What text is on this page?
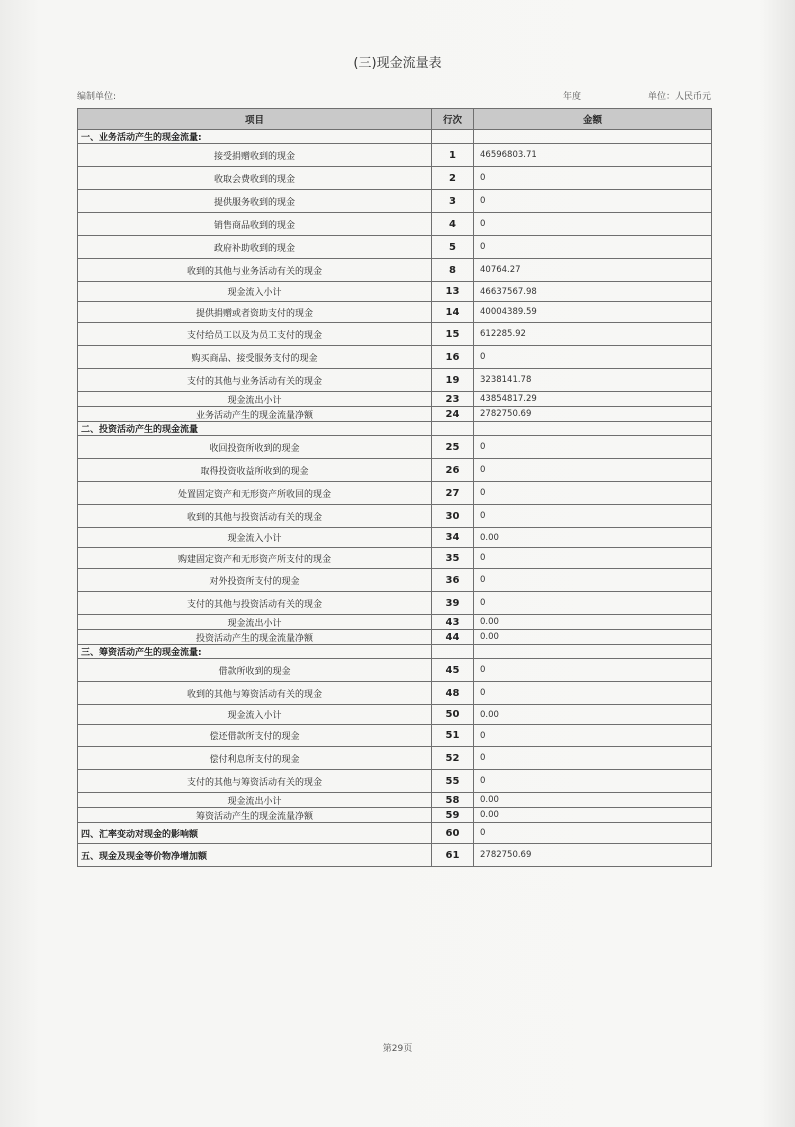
(三)现金流量表
编制单位:	年度	单位：人民币元
项目	行次	金额
一、业务活动产生的现金流量:		
接受捐赠收到的现金	1	46596803.71
收取会费收到的现金	2	0
提供服务收到的现金	3	0
销售商品收到的现金	4	0
政府补助收到的现金	5	0
收到的其他与业务活动有关的现金	8	40764.27
现金流入小计	13	46637567.98
提供捐赠或者资助支付的现金	14	40004389.59
支付给员工以及为员工支付的现金	15	612285.92
购买商品、接受服务支付的现金	16	0
支付的其他与业务活动有关的现金	19	3238141.78
现金流出小计	23	43854817.29
业务活动产生的现金流量净额	24	2782750.69
二、投资活动产生的现金流量		
收回投资所收到的现金	25	0
取得投资收益所收到的现金	26	0
处置固定资产和无形资产所收回的现金	27	0
收到的其他与投资活动有关的现金	30	0
现金流入小计	34	0.00
购建固定资产和无形资产所支付的现金	35	0
对外投资所支付的现金	36	0
支付的其他与投资活动有关的现金	39	0
现金流出小计	43	0.00
投资活动产生的现金流量净额	44	0.00
三、筹资活动产生的现金流量:		
借款所收到的现金	45	0
收到的其他与筹资活动有关的现金	48	0
现金流入小计	50	0.00
偿还借款所支付的现金	51	0
偿付利息所支付的现金	52	0
支付的其他与筹资活动有关的现金	55	0
现金流出小计	58	0.00
筹资活动产生的现金流量净额	59	0.00
四、汇率变动对现金的影响额	60	0
五、现金及现金等价物净增加额	61	2782750.69
第29页
